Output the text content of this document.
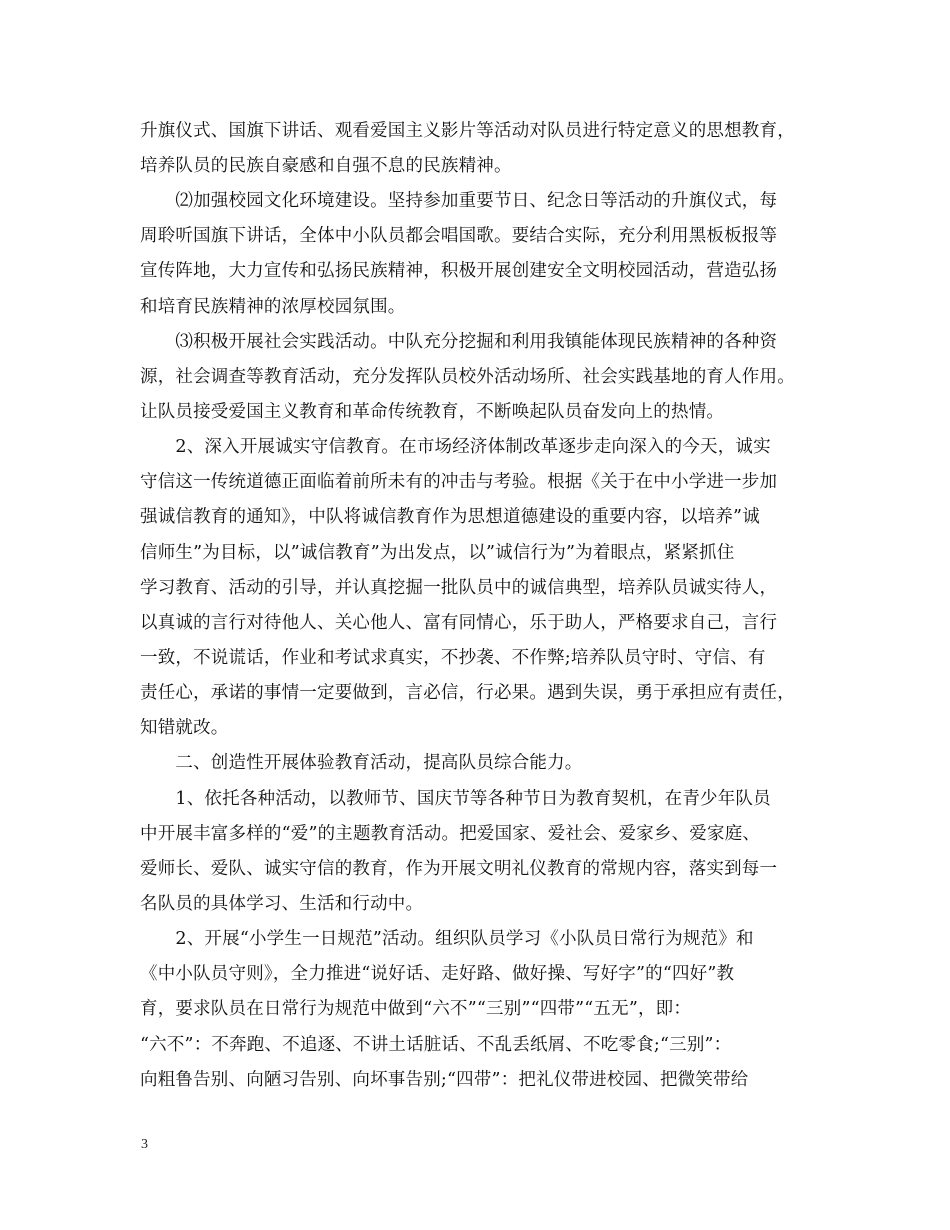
升旗仪式、国旗下讲话、观看爱国主义影片等活动对队员进行特定意义的思想教育，
培养队员的民族自豪感和自强不息的民族精神。
　　⑵加强校园文化环境建设。坚持参加重要节日、纪念日等活动的升旗仪式，每
周聆听国旗下讲话，全体中小队员都会唱国歌。要结合实际，充分利用黑板板报等
宣传阵地，大力宣传和弘扬民族精神，积极开展创建安全文明校园活动，营造弘扬
和培育民族精神的浓厚校园氛围。
　　⑶积极开展社会实践活动。中队充分挖掘和利用我镇能体现民族精神的各种资
源，社会调查等教育活动，充分发挥队员校外活动场所、社会实践基地的育人作用。
让队员接受爱国主义教育和革命传统教育，不断唤起队员奋发向上的热情。
　　2、深入开展诚实守信教育。在市场经济体制改革逐步走向深入的今天，诚实
守信这一传统道德正面临着前所未有的冲击与考验。根据《关于在中小学进一步加
强诚信教育的通知》，中队将诚信教育作为思想道德建设的重要内容，以培养”诚
信师生”为目标，以”诚信教育”为出发点，以”诚信行为”为着眼点，紧紧抓住
学习教育、活动的引导，并认真挖掘一批队员中的诚信典型，培养队员诚实待人，
以真诚的言行对待他人、关心他人、富有同情心，乐于助人，严格要求自己，言行
一致，不说谎话，作业和考试求真实，不抄袭、不作弊;培养队员守时、守信、有
责任心，承诺的事情一定要做到，言必信，行必果。遇到失误，勇于承担应有责任，
知错就改。
　　二、创造性开展体验教育活动，提高队员综合能力。
　　1、依托各种活动，以教师节、国庆节等各种节日为教育契机，在青少年队员
中开展丰富多样的“爱”的主题教育活动。把爱国家、爱社会、爱家乡、爱家庭、
爱师长、爱队、诚实守信的教育，作为开展文明礼仪教育的常规内容，落实到每一
名队员的具体学习、生活和行动中。
　　2、开展“小学生一日规范”活动。组织队员学习《小队员日常行为规范》和
《中小队员守则》，全力推进“说好话、走好路、做好操、写好字”的“四好”教
育，要求队员在日常行为规范中做到“六不”“三别”“四带”“五无”，即：
“六不”：不奔跑、不追逐、不讲土话脏话、不乱丢纸屑、不吃零食;“三别”：
向粗鲁告别、向陋习告别、向坏事告别;“四带”：把礼仪带进校园、把微笑带给
3
